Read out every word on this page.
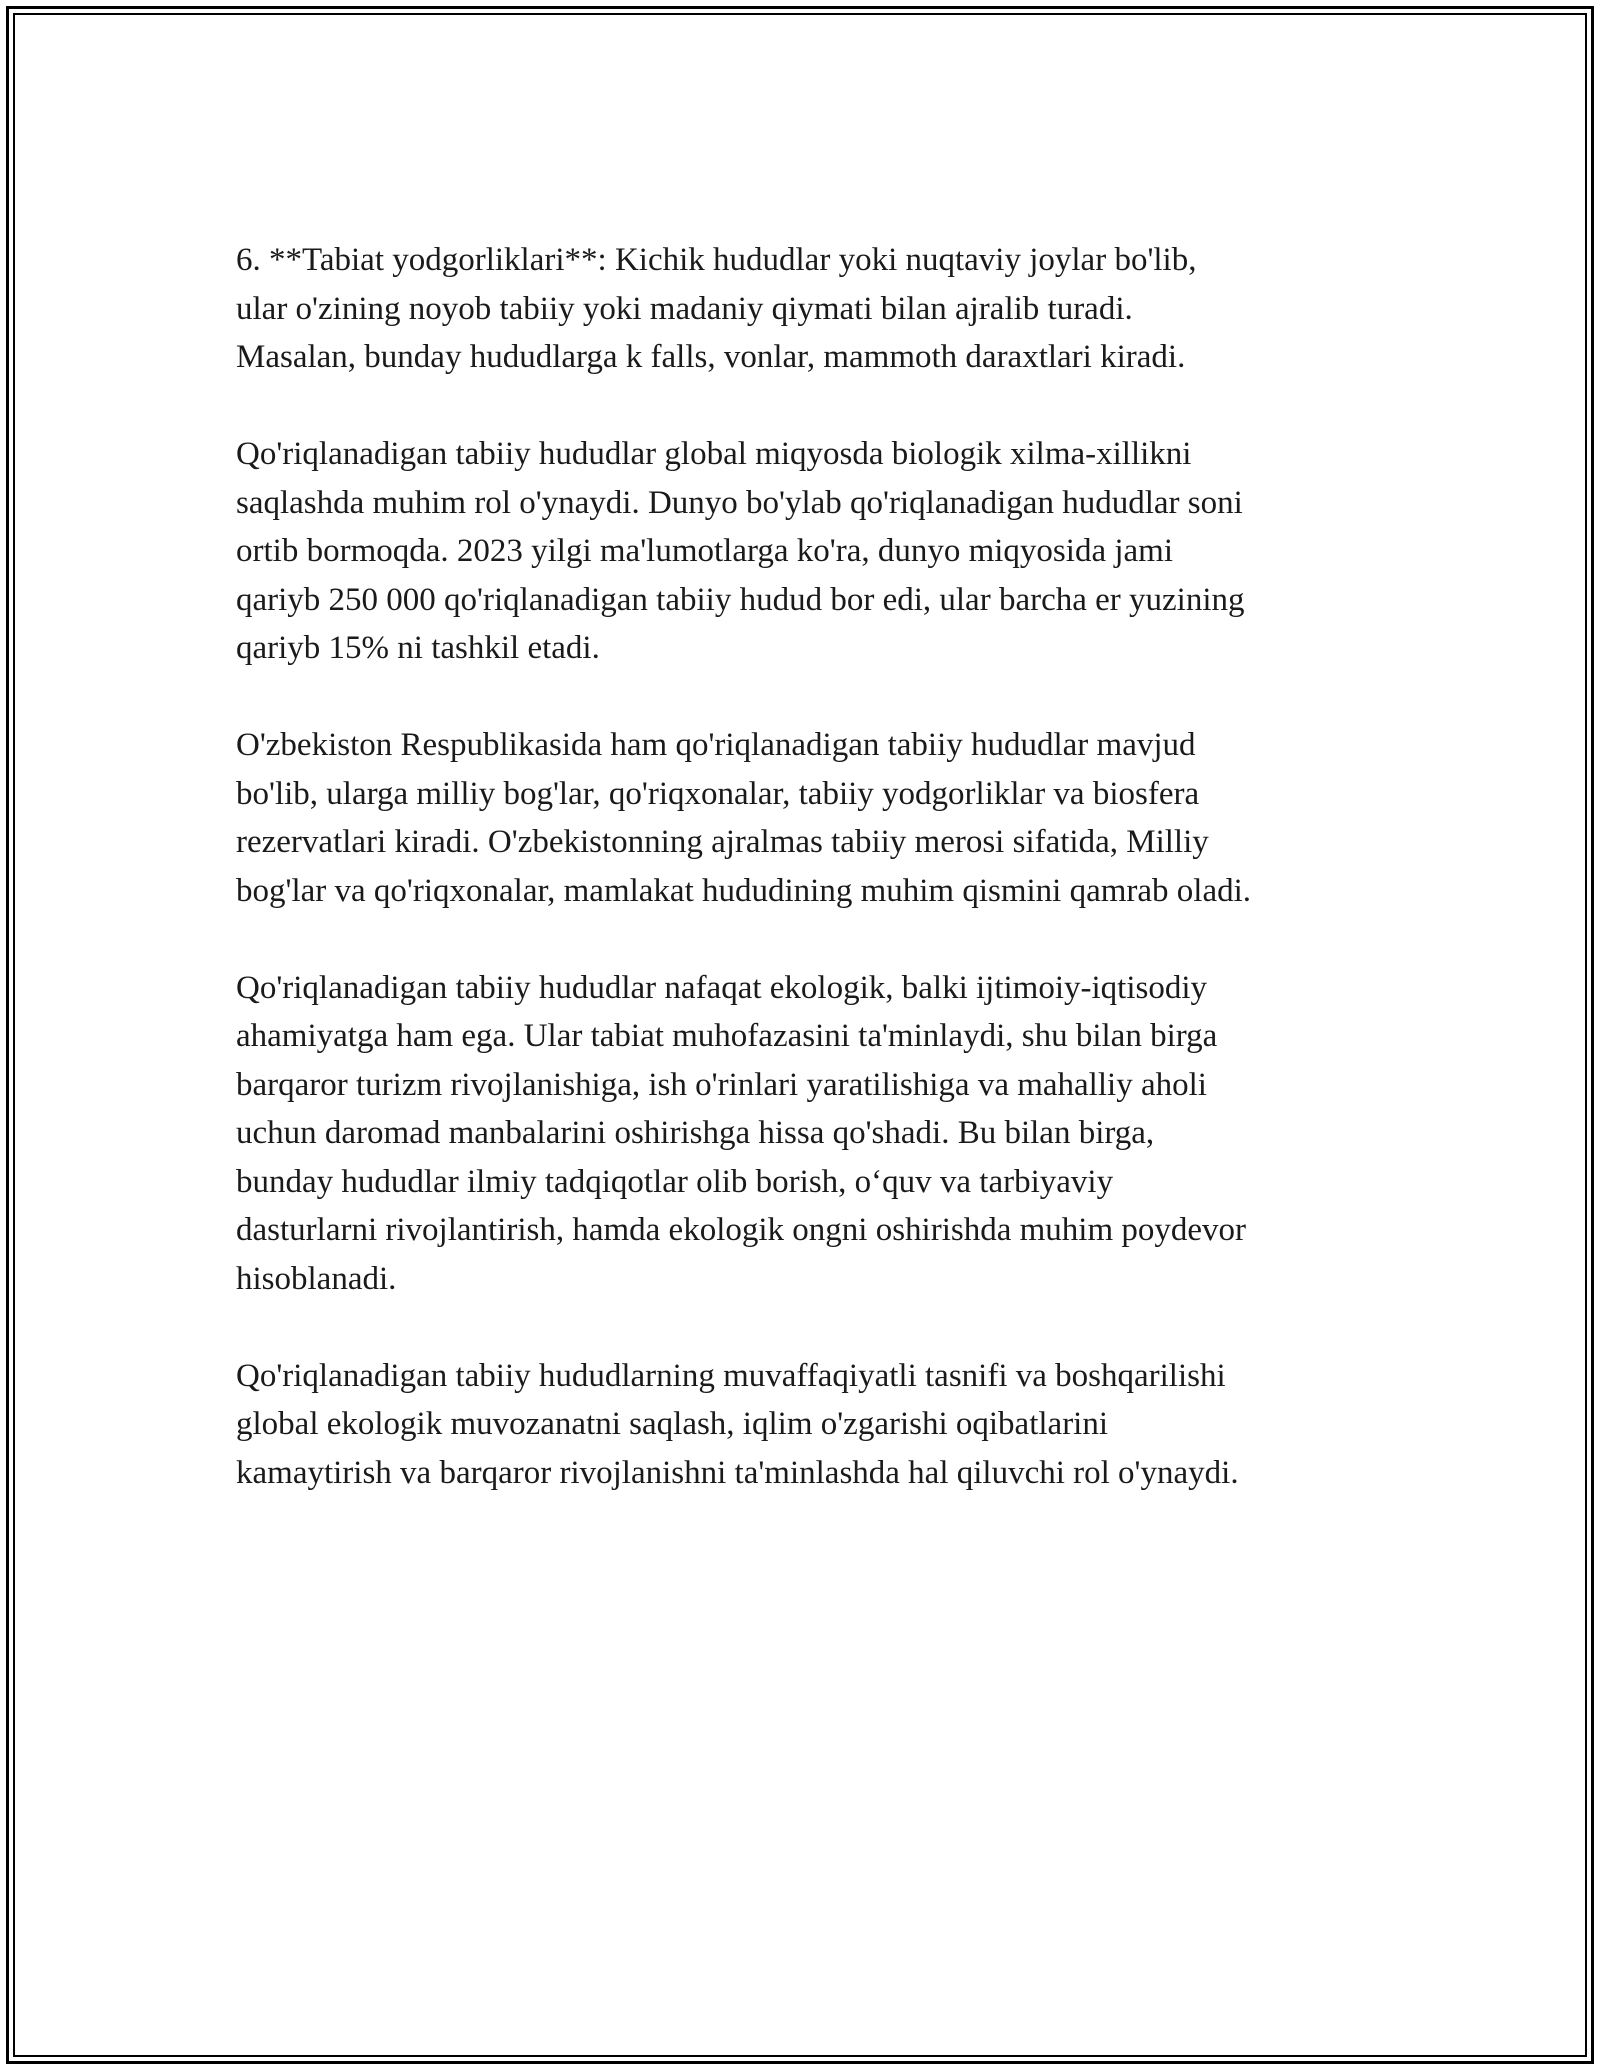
6. **Tabiat yodgorliklari**: Kichik hududlar yoki nuqtaviy joylar bo'lib,
ular o'zining noyob tabiiy yoki madaniy qiymati bilan ajralib turadi.
Masalan, bunday hududlarga k falls, vonlar, mammoth daraxtlari kiradi.

Qo'riqlanadigan tabiiy hududlar global miqyosda biologik xilma-xillikni
saqlashda muhim rol o'ynaydi. Dunyo bo'ylab qo'riqlanadigan hududlar soni
ortib bormoqda. 2023 yilgi ma'lumotlarga ko'ra, dunyo miqyosida jami
qariyb 250 000 qo'riqlanadigan tabiiy hudud bor edi, ular barcha er yuzining
qariyb 15% ni tashkil etadi.

O'zbekiston Respublikasida ham qo'riqlanadigan tabiiy hududlar mavjud
bo'lib, ularga milliy bog'lar, qo'riqxonalar, tabiiy yodgorliklar va biosfera
rezervatlari kiradi. O'zbekistonning ajralmas tabiiy merosi sifatida, Milliy
bog'lar va qo'riqxonalar, mamlakat hududining muhim qismini qamrab oladi.

Qo'riqlanadigan tabiiy hududlar nafaqat ekologik, balki ijtimoiy-iqtisodiy
ahamiyatga ham ega. Ular tabiat muhofazasini ta'minlaydi, shu bilan birga
barqaror turizm rivojlanishiga, ish o'rinlari yaratilishiga va mahalliy aholi
uchun daromad manbalarini oshirishga hissa qo'shadi. Bu bilan birga,
bunday hududlar ilmiy tadqiqotlar olib borish, o‘quv va tarbiyaviy
dasturlarni rivojlantirish, hamda ekologik ongni oshirishda muhim poydevor
hisoblanadi.

Qo'riqlanadigan tabiiy hududlarning muvaffaqiyatli tasnifi va boshqarilishi
global ekologik muvozanatni saqlash, iqlim o'zgarishi oqibatlarini
kamaytirish va barqaror rivojlanishni ta'minlashda hal qiluvchi rol o'ynaydi.
